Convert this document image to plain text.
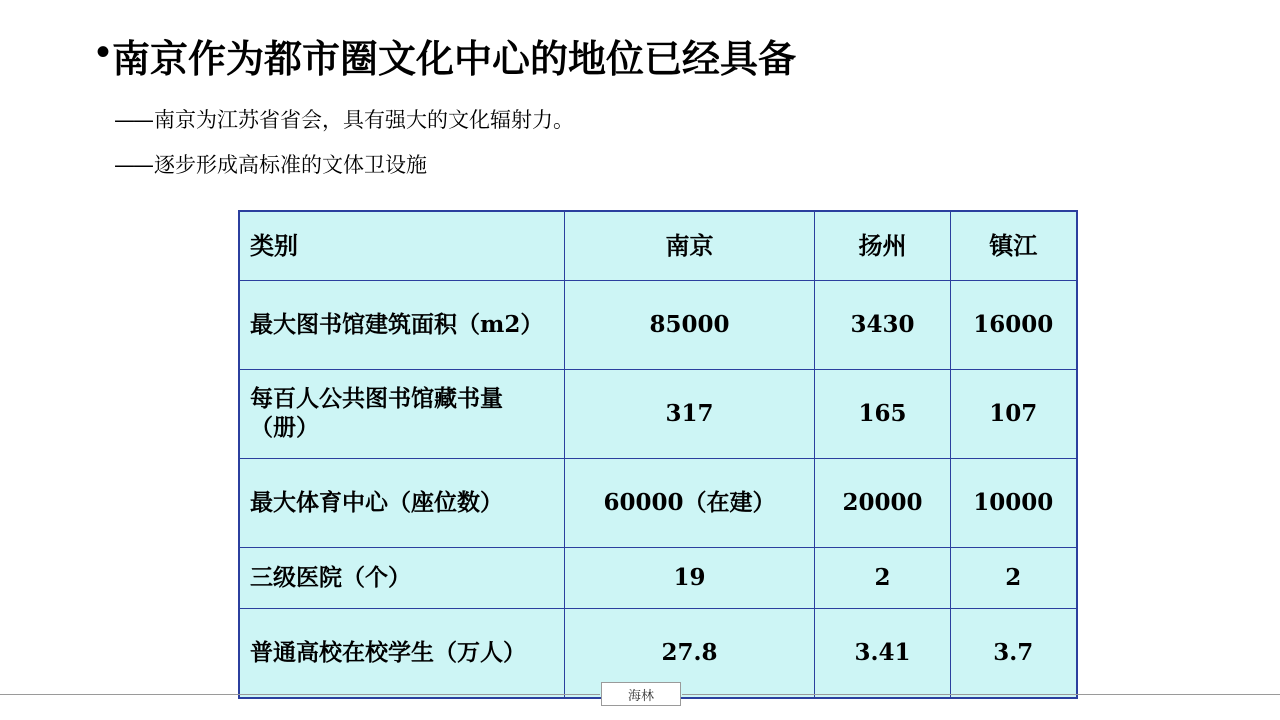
• 南京作为都市圈文化中心的地位已经具备
——南京为江苏省省会，具有强大的文化辐射力。
——逐步形成高标准的文体卫设施
类别	南京	扬州	镇江
最大图书馆建筑面积（m2）	85000	3430	16000
每百人公共图书馆藏书量（册）	317	165	107
最大体育中心（座位数）	60000（在建）	20000	10000
三级医院（个）	19	2	2
普通高校在校学生（万人）	27.8	3.41	3.7
海林
